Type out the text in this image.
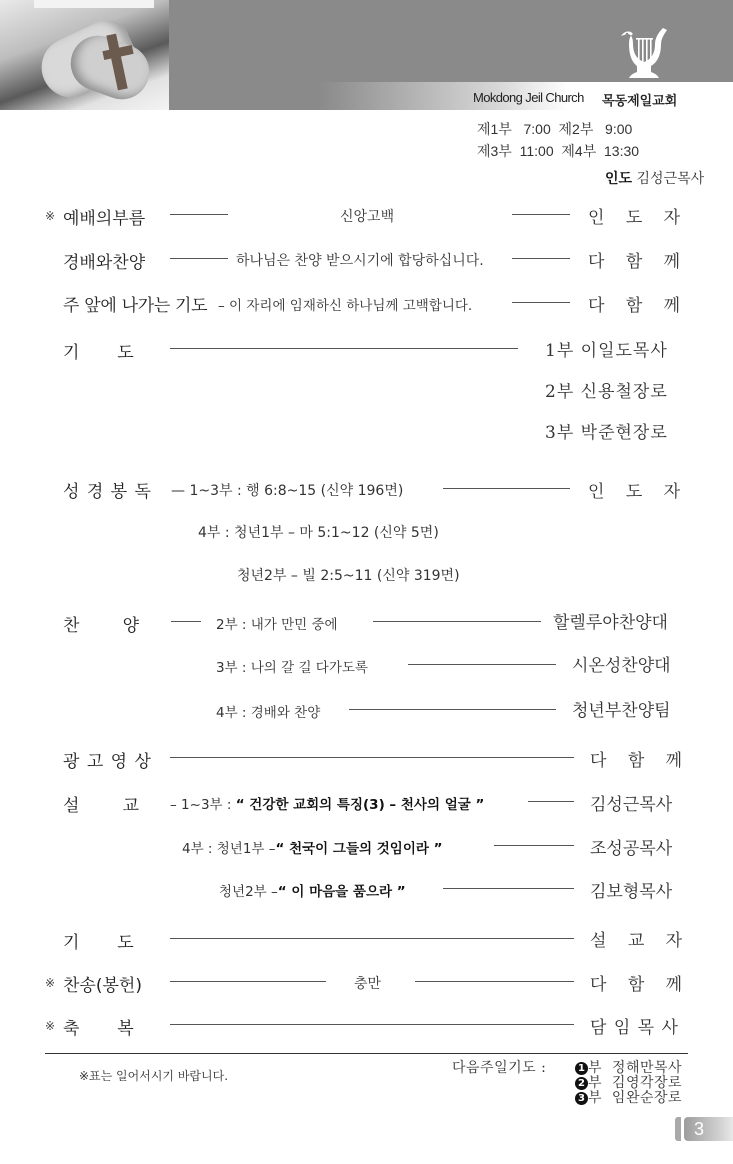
Mokdong Jeil Church 목동제일교회
제1부   7:00  제2부   9:00
제3부  11:00  제4부  13:30
인도 김성근목사
※ 예배의부름	신앙고백	인 도 자
경배와찬양	하나님은 찬양 받으시기에 합당하십니다.	다 함 께
주 앞에 나가는 기도 – 이 자리에 임재하신 하나님께 고백합니다.	다 함 께
기       도	1부 이일도목사
2부 신용철장로
3부 박준현장로
성 경 봉 독 — 1~3부 : 행 6:8~15 (신약 196면)	인 도 자
4부 : 청년1부 – 마 5:1~12 (신약 5면)
청년2부 – 빌 2:5~11 (신약 319면)
찬        양	2부 : 내가 만민 중에	할렐루야찬양대
3부 : 나의 갈 길 다가도록	시온성찬양대
4부 : 경배와 찬양	청년부찬양팀
광 고 영 상	다 함 께
설        교 – 1~3부 : “ 건강한 교회의 특징(3) – 천사의 얼굴 ”	김성근목사
4부 : 청년1부 –“ 천국이 그들의 것임이라 ”	조성공목사
청년2부 –“ 이 마음을 품으라 ”	김보형목사
기       도	설 교 자
※ 찬송(봉헌)	충만	다 함 께
※ 축       복	담 임 목 사
※표는 일어서시기 바랍니다.	다음주일기도 :	1 부  정해만목사
2 부  김영각장로
3 부  임완순장로
3
